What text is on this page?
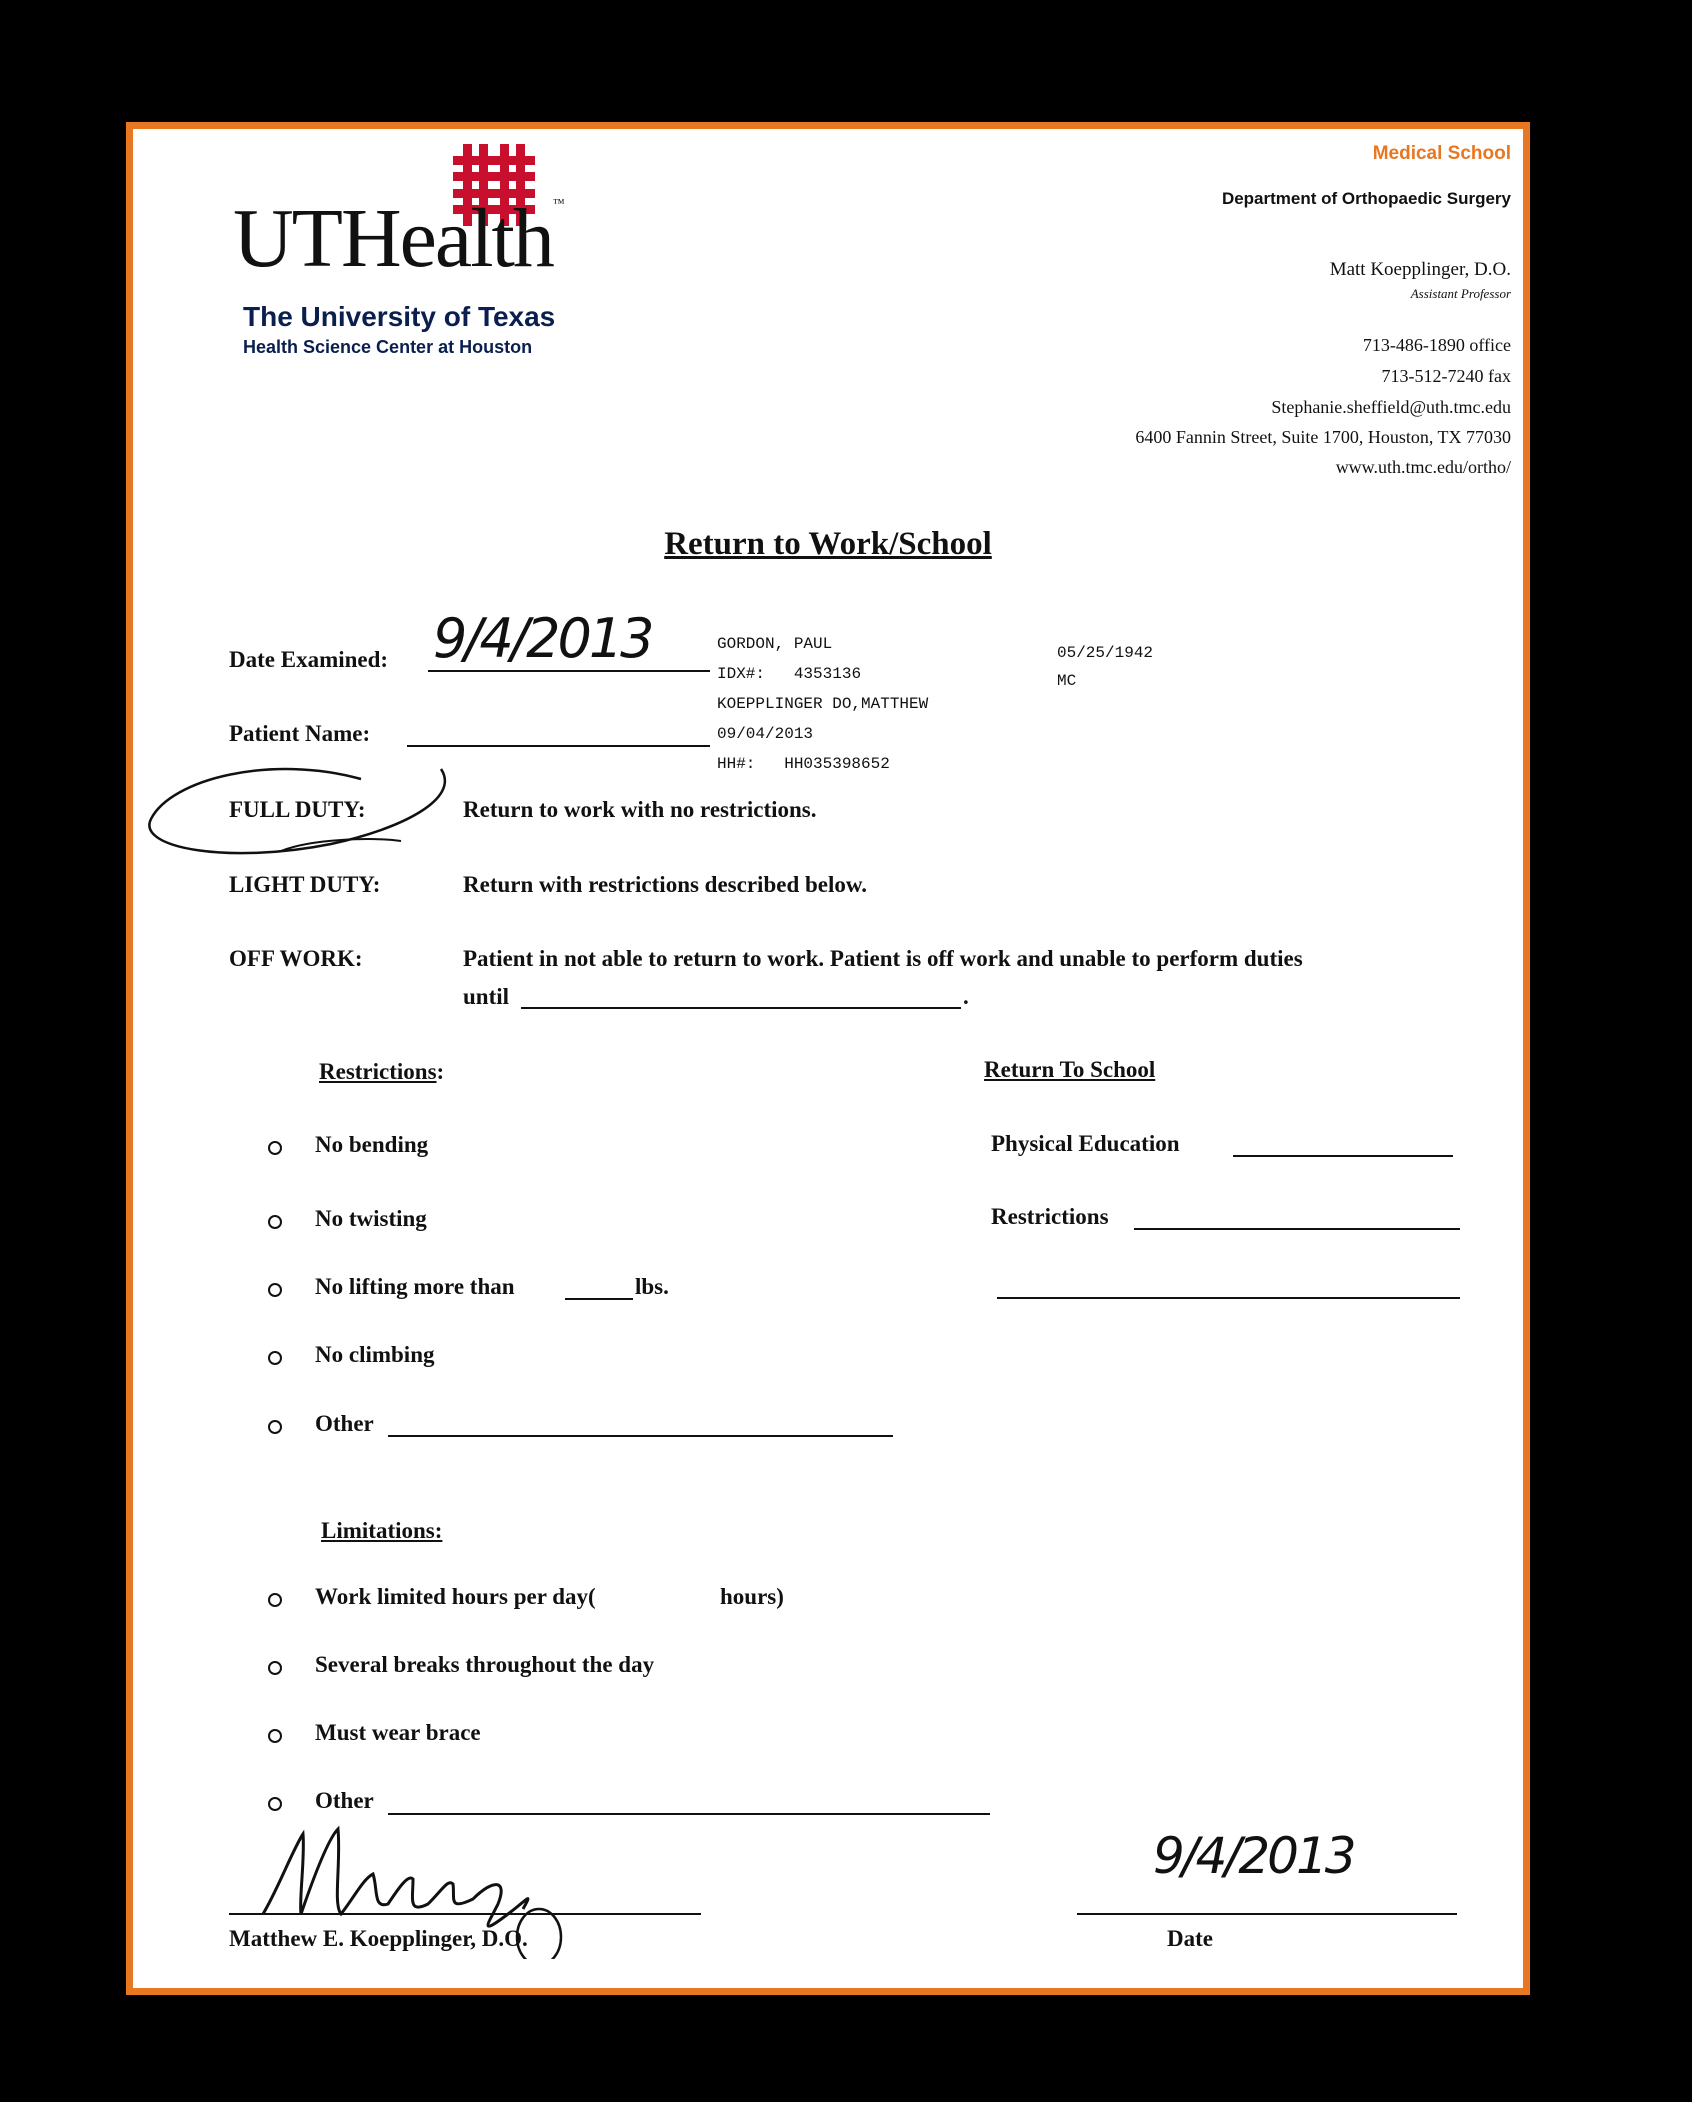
UTHealth™
The University of Texas
Health Science Center at Houston
Medical School
Department of Orthopaedic Surgery
Matt Koepplinger, D.O.
Assistant Professor
713-486-1890 office
713-512-7240 fax
Stephanie.sheffield@uth.tmc.edu
6400 Fannin Street, Suite 1700, Houston, TX 77030
www.uth.tmc.edu/ortho/
Return to Work/School
Date Examined: 9/4/2013
Patient Name:
GORDON, PAUL
IDX#: 4353136
KOEPPLINGER DO,MATTHEW
09/04/2013
HH#: HH035398652
05/25/1942
MC
FULL DUTY:	Return to work with no restrictions.
LIGHT DUTY:	Return with restrictions described below.
OFF WORK:	Patient in not able to return to work. Patient is off work and unable to perform duties
until	.
Restrictions:
No bending
No twisting
No lifting more than	lbs.
No climbing
Other
Return To School
Physical Education
Restrictions
Limitations:
Work limited hours per day(	hours)
Several breaks throughout the day
Must wear brace
Other
Matthew E. Koepplinger, D.O.
9/4/2013
Date
